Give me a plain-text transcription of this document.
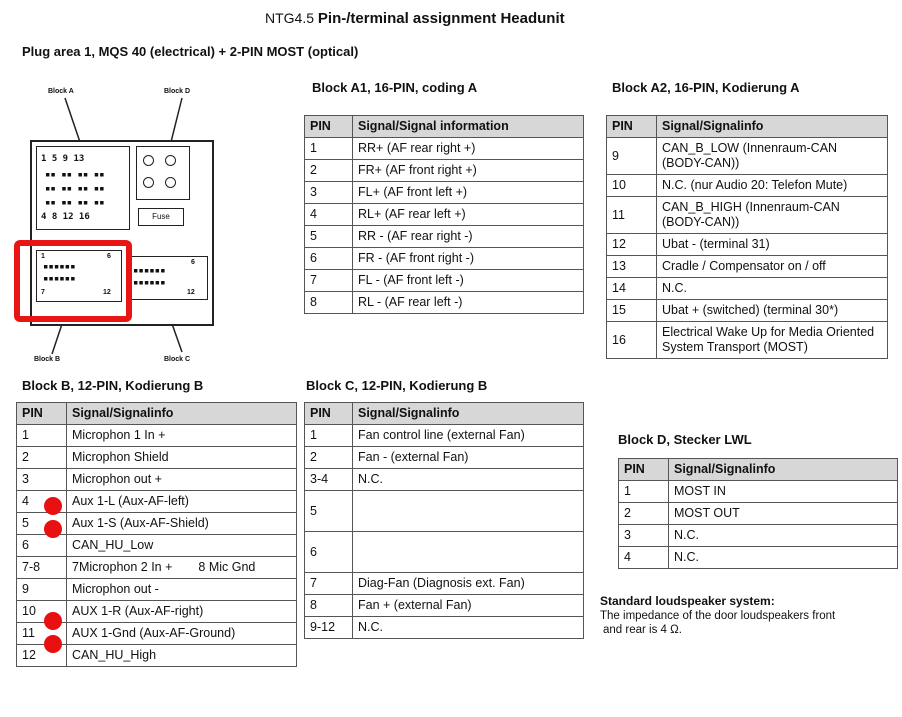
NTG4.5 Pin-/terminal assignment Headunit
Plug area 1, MQS 40 (electrical) + 2-PIN MOST (optical)
Block A	Block D
1 5 9 13
▪▪ ▪▪ ▪▪ ▪▪
▪▪ ▪▪ ▪▪ ▪▪
▪▪ ▪▪ ▪▪ ▪▪
4 8 12 16	Fuse
1	6
▪▪▪▪▪▪
▪▪▪▪▪▪
7	12
6
▪▪▪▪▪▪
▪▪▪▪▪▪
12
Block B	Block C
Block A1, 16-PIN, coding A
PIN	Signal/Signal information
1	RR+ (AF rear right +)
2	FR+ (AF front right +)
3	FL+ (AF front left +)
4	RL+ (AF rear left +)
5	RR - (AF rear right -)
6	FR - (AF front right -)
7	FL - (AF front left -)
8	RL - (AF rear left -)
Block A2, 16-PIN, Kodierung A
PIN	Signal/Signalinfo
9	CAN_B_LOW (Innenraum-CAN (BODY-CAN))
10	N.C. (nur Audio 20: Telefon Mute)
11	CAN_B_HIGH (Innenraum-CAN (BODY-CAN))
12	Ubat - (terminal 31)
13	Cradle / Compensator on / off
14	N.C.
15	Ubat + (switched) (terminal 30*)
16	Electrical Wake Up for Media Oriented System Transport (MOST)
Block B, 12-PIN, Kodierung B
PIN	Signal/Signalinfo
1	Microphon 1 In +
2	Microphon Shield
3	Microphon out +
4	Aux 1-L (Aux-AF-left)
5	Aux 1-S (Aux-AF-Shield)
6	CAN_HU_Low
7-8	7Microphon 2 In + 8 Mic Gnd
9	Microphon out -
10	AUX 1-R (Aux-AF-right)
11	AUX 1-Gnd (Aux-AF-Ground)
12	CAN_HU_High
Block C, 12-PIN, Kodierung B
PIN	Signal/Signalinfo
1	Fan control line (external Fan)
2	Fan - (external Fan)
3-4	N.C.
5	
6	
7	Diag-Fan (Diagnosis ext. Fan)
8	Fan + (external Fan)
9-12	N.C.
Block D, Stecker LWL
PIN	Signal/Signalinfo
1	MOST IN
2	MOST OUT
3	N.C.
4	N.C.
Standard loudspeaker system:
The impedance of the door loudspeakers front
and rear is 4 Ω.
